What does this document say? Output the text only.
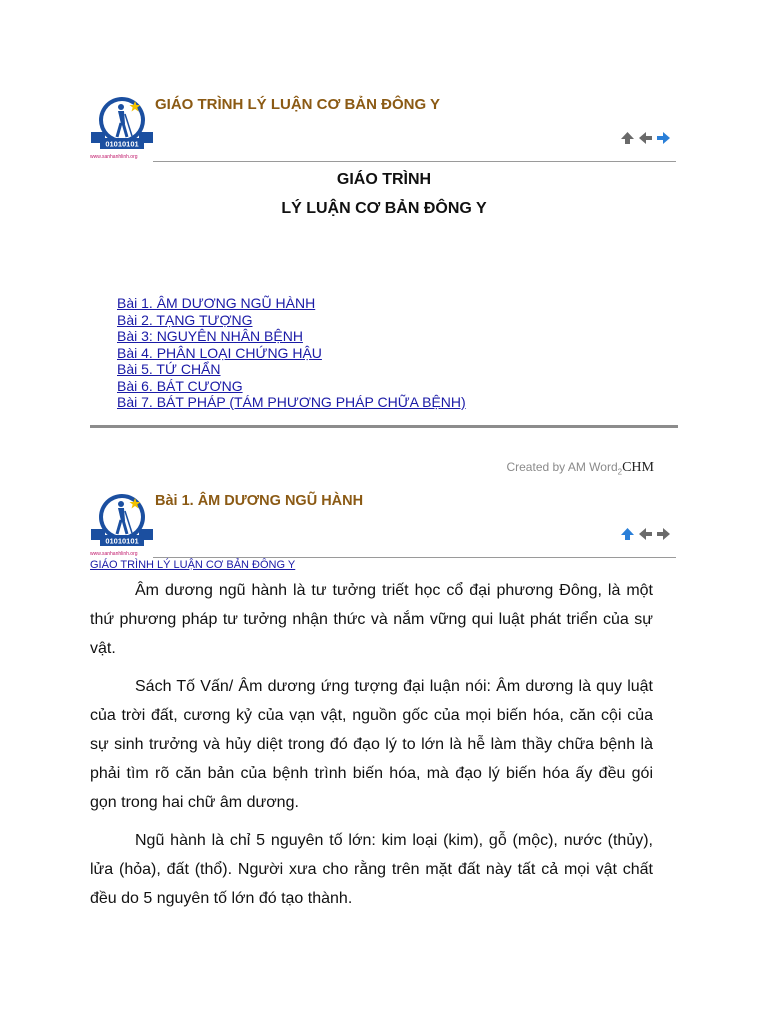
01010101
www.sanhanhlinh.org
GIÁO TRÌNH LÝ LUẬN CƠ BẢN ĐÔNG Y
GIÁO TRÌNH
LÝ LUẬN CƠ BẢN ĐÔNG Y
Bài 1. ÂM DƯƠNG NGŨ HÀNH
Bài 2. TẠNG TƯỢNG
Bài 3: NGUYÊN NHÂN BỆNH
Bài 4. PHÂN LOẠI CHỨNG HẬU
Bài 5. TỨ CHẨN
Bài 6. BÁT CƯƠNG
Bài 7. BÁT PHÁP (TÁM PHƯƠNG PHÁP CHỮA BỆNH)
Created by AM Word$_2$CHM
01010101
www.sanhanhlinh.org
Bài 1. ÂM DƯƠNG NGŨ HÀNH
GIÁO TRÌNH LÝ LUẬN CƠ BẢN ĐÔNG Y

Âm dương ngũ hành là tư tưởng triết học cổ đại phương Đông, là một thứ phương pháp tư tưởng nhận thức và nắm vững qui luật phát triển của sự vật.

Sách Tố Vấn/ Âm dương ứng tượng đại luận nói: Âm dương là quy luật của trời đất, cương kỷ của vạn vật, nguồn gốc của mọi biến hóa, căn cội của sự sinh trưởng và hủy diệt trong đó đạo lý to lớn là hễ làm thầy chữa bệnh là phải tìm rõ căn bản của bệnh trình biến hóa, mà đạo lý biến hóa ấy đều gói gọn trong hai chữ âm dương.

Ngũ hành là chỉ 5 nguyên tố lớn: kim loại (kim), gỗ (mộc), nước (thủy), lửa (hỏa), đất (thổ). Người xưa cho rằng trên mặt đất này tất cả mọi vật chất đều do 5 nguyên tố lớn đó tạo thành.
